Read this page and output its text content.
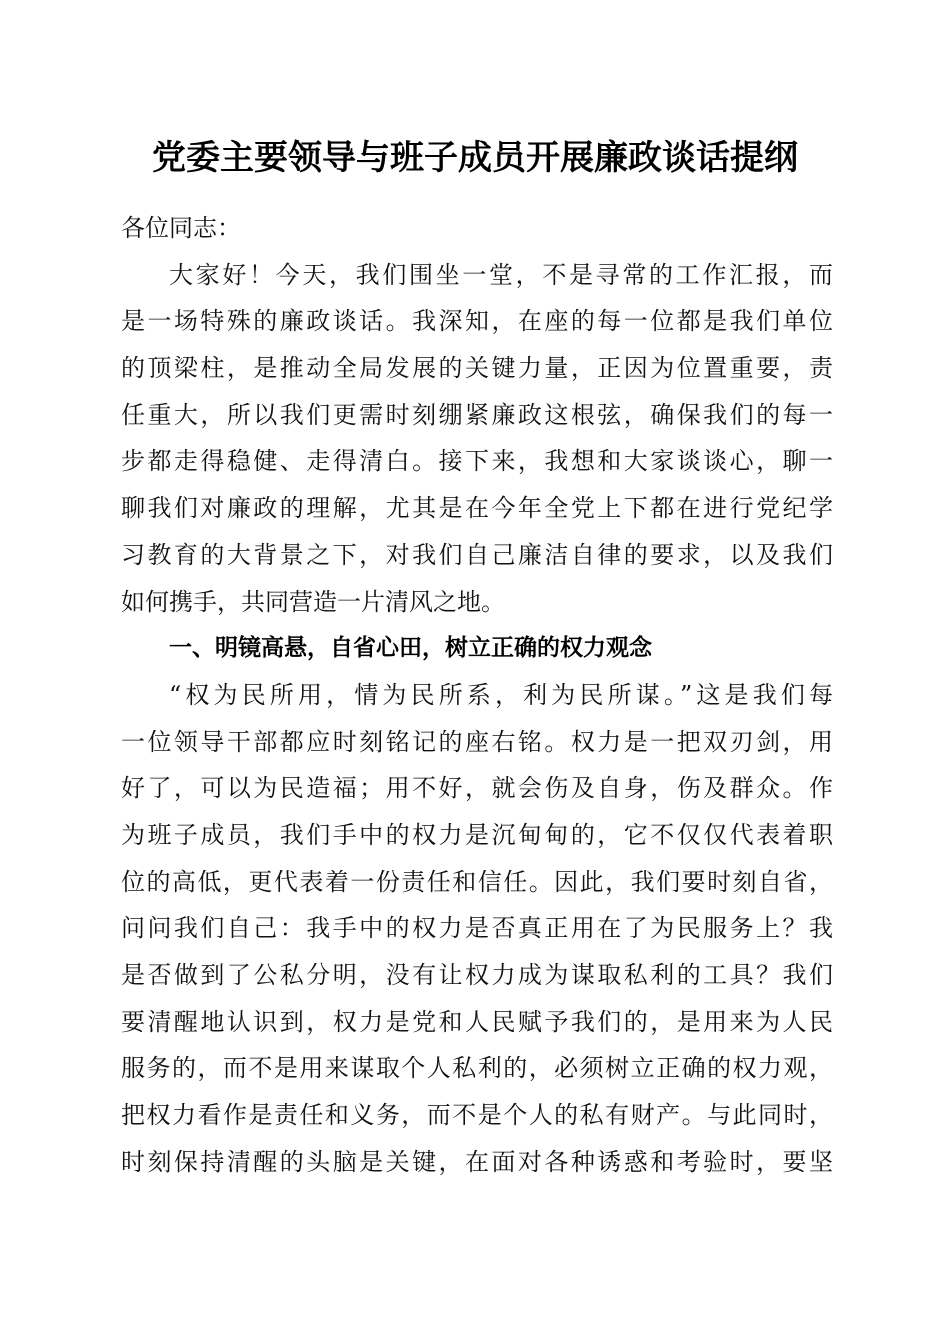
党委主要领导与班子成员开展廉政谈话提纲
各位同志：
大家好！今天，我们围坐一堂，不是寻常的工作汇报，而
是一场特殊的廉政谈话。我深知，在座的每一位都是我们单位
的顶梁柱，是推动全局发展的关键力量，正因为位置重要，责
任重大，所以我们更需时刻绷紧廉政这根弦，确保我们的每一
步都走得稳健、走得清白。接下来，我想和大家谈谈心，聊一
聊我们对廉政的理解，尤其是在今年全党上下都在进行党纪学
习教育的大背景之下，对我们自己廉洁自律的要求，以及我们
如何携手，共同营造一片清风之地。
一、明镜高悬，自省心田，树立正确的权力观念
“权为民所用，情为民所系，利为民所谋。”这是我们每
一位领导干部都应时刻铭记的座右铭。权力是一把双刃剑，用
好了，可以为民造福；用不好，就会伤及自身，伤及群众。作
为班子成员，我们手中的权力是沉甸甸的，它不仅仅代表着职
位的高低，更代表着一份责任和信任。因此，我们要时刻自省，
问问我们自己：我手中的权力是否真正用在了为民服务上？我
是否做到了公私分明，没有让权力成为谋取私利的工具？我们
要清醒地认识到，权力是党和人民赋予我们的，是用来为人民
服务的，而不是用来谋取个人私利的，必须树立正确的权力观，
把权力看作是责任和义务，而不是个人的私有财产。与此同时，
时刻保持清醒的头脑是关键，在面对各种诱惑和考验时，要坚
